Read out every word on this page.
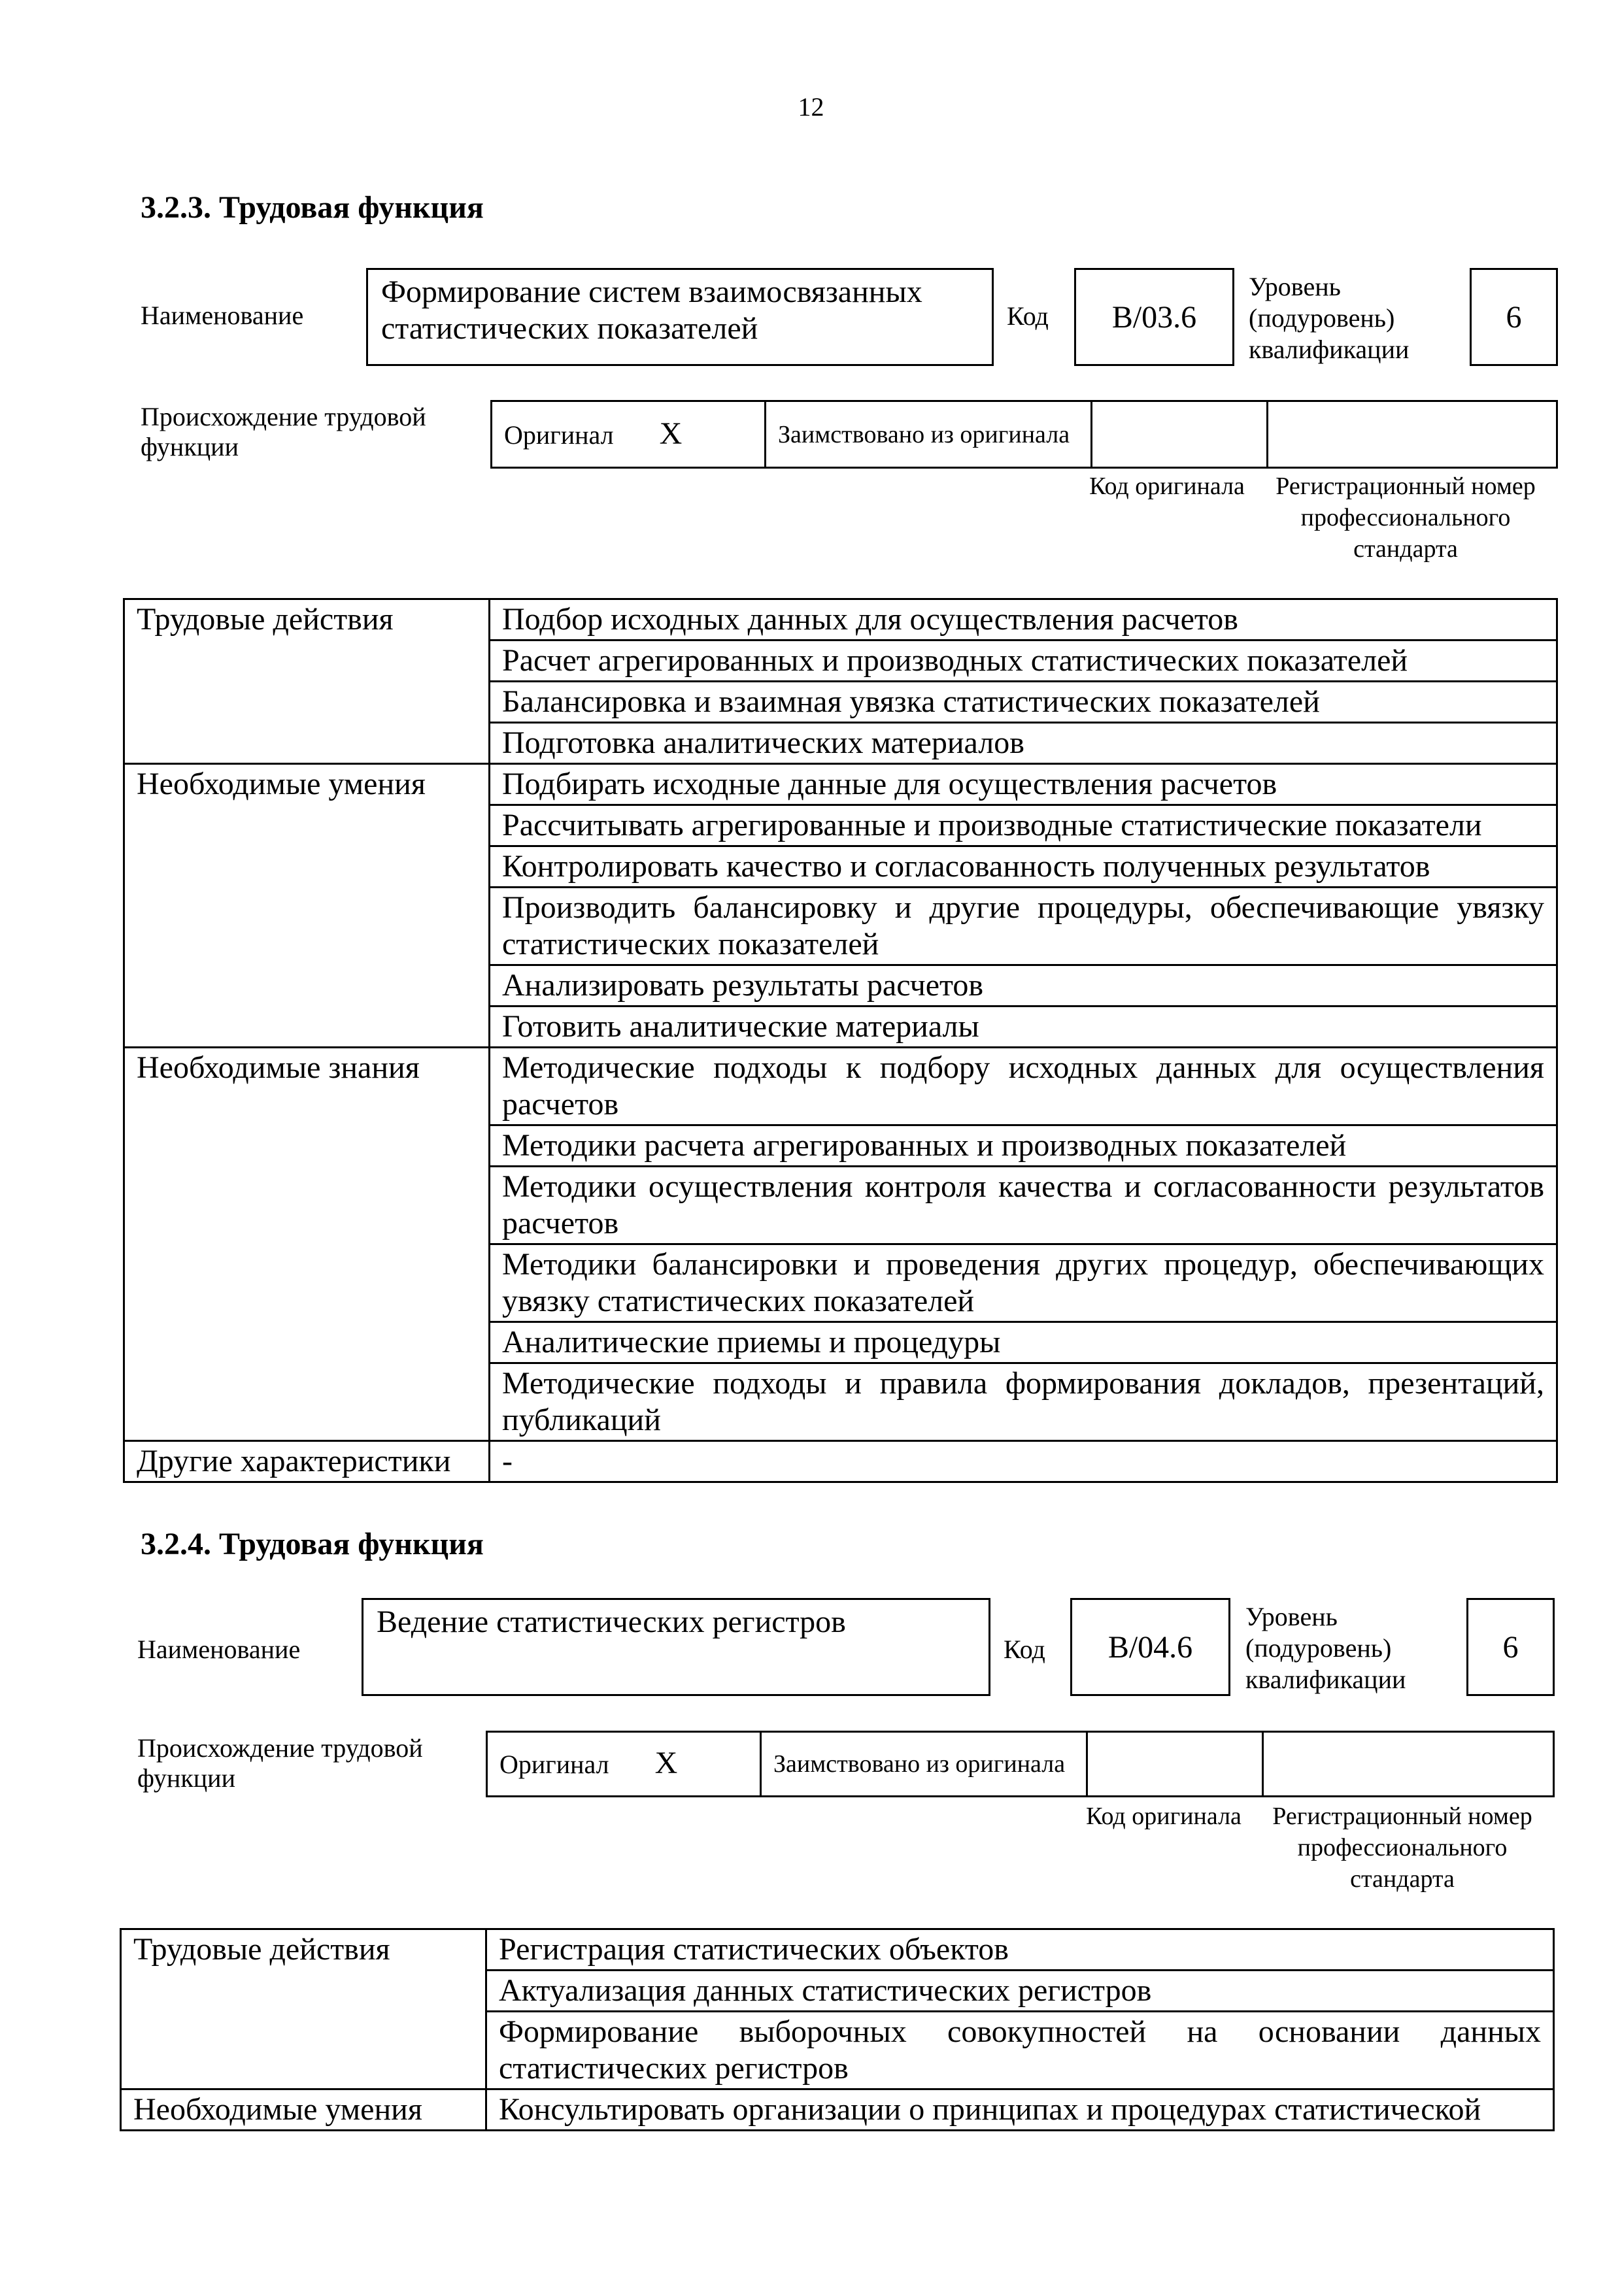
12
3.2.3. Трудовая функция
Наименование
Формирование систем взаимосвязанных статистических показателей	Код B/03.6
Уровень (подуровень) квалификации
6
Происхождение трудовой функции	Оригинал X	Заимствовано из оригинала		
Код оригинала	Регистрационный номер профессионального стандарта
Трудовые действия	Подбор исходных данных для осуществления расчетов
	Расчет агрегированных и производных статистических показателей
	Балансировка и взаимная увязка статистических показателей
	Подготовка аналитических материалов
Необходимые умения	Подбирать исходные данные для осуществления расчетов
	Рассчитывать агрегированные и производные статистические показатели
	Контролировать качество и согласованность полученных результатов
	Производить балансировку и другие процедуры, обеспечивающие увязку статистических показателей
	Анализировать результаты расчетов
	Готовить аналитические материалы
Необходимые знания	Методические подходы к подбору исходных данных для осуществления расчетов
	Методики расчета агрегированных и производных показателей
	Методики осуществления контроля качества и согласованности результатов расчетов
	Методики балансировки и проведения других процедур, обеспечивающих увязку статистических показателей
	Аналитические приемы и процедуры
	Методические подходы и правила формирования докладов, презентаций, публикаций
Другие характеристики	-
3.2.4. Трудовая функция
Наименование
Ведение статистических регистров
Код B/04.6
Уровень (подуровень) квалификации
6
Происхождение трудовой функции	Оригинал X	Заимствовано из оригинала		
Код оригинала	Регистрационный номер профессионального стандарта
Трудовые действия	Регистрация статистических объектов
	Актуализация данных статистических регистров
	Формирование выборочных совокупностей на основании данных статистических регистров
Необходимые умения	Консультировать организации о принципах и процедурах статистической
